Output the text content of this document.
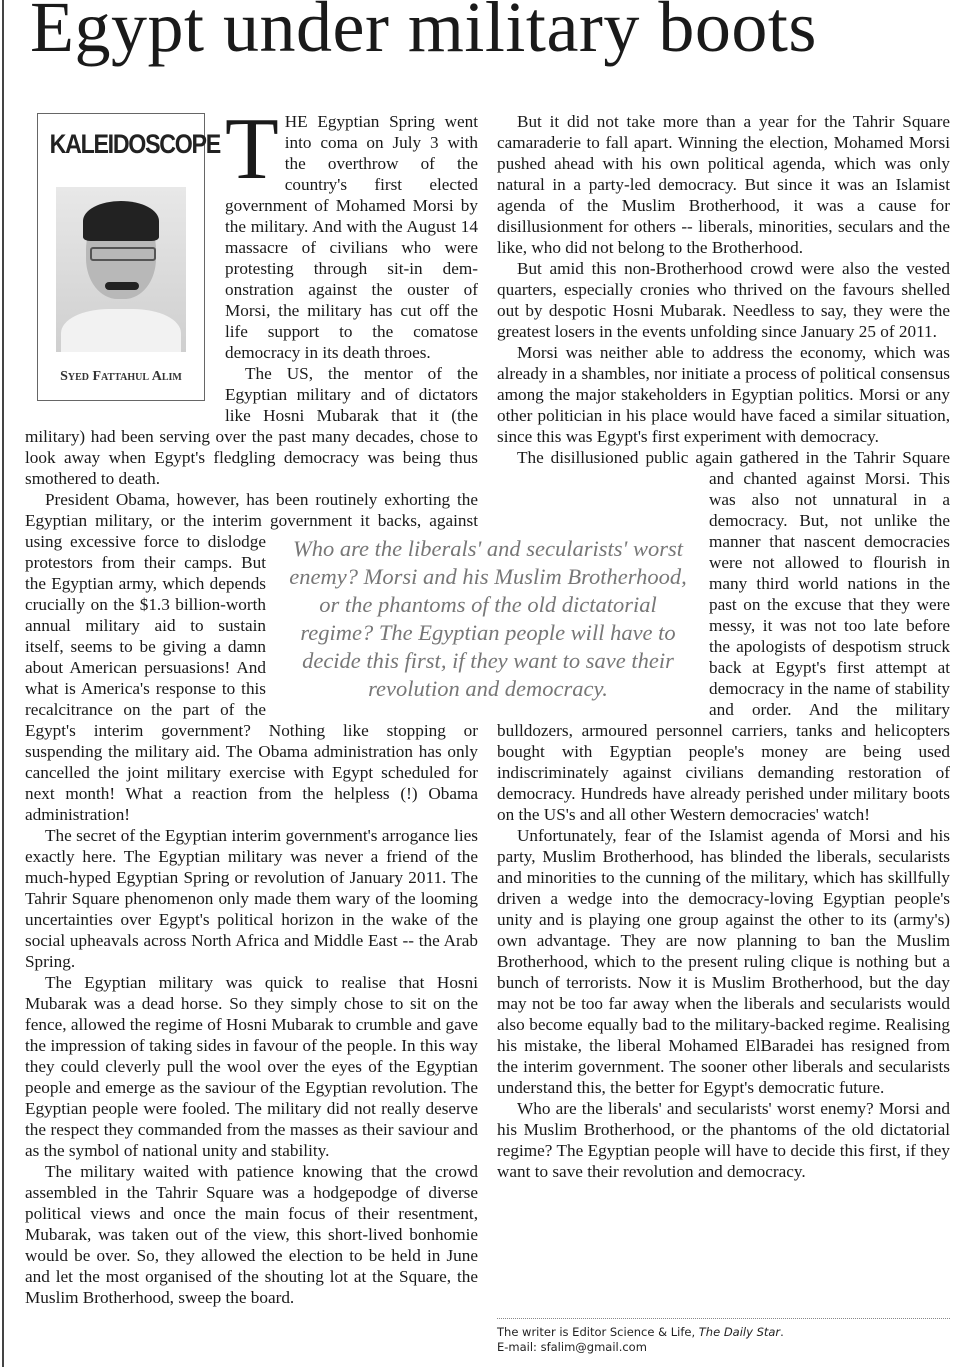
Egypt under military boots
KALEIDOSCOPE
Syed Fattahul Alim

THE Egyptian Spring went into coma on July 3 with the overthrow of the country's first elected government of Mohamed Morsi by the military. And with the August 14 massacre of civilians who were protesting through sit-in demonstration against the ouster of Morsi, the military has cut off the life support to the comatose democracy in its death throes.

The US, the mentor of the Egyptian military and of dictators like Hosni Mubarak that it (the military) had been serving over the past many decades, chose to look away when Egypt's fledgling democracy was being thus smothered to death.

President Obama, however, has been routinely exhorting the Egyptian military, or the interim government it
backs, against using excessive force to dislodge protestors from their camps. But the Egyptian army, which depends crucially on the $1.3 billion-worth annual military aid to sustain itself, seems to be giving a damn about American persuasions! And what is America's response to this recalcitrance on the part of the Egypt's interim government? Nothing like stopping or suspending the military aid. The Obama administration has only cancelled the joint military exercise with Egypt scheduled for next month! What a reaction from the helpless (!) Obama administration!

The secret of the Egyptian interim government's arrogance lies exactly here. The Egyptian military was never a friend of the much-hyped Egyptian Spring or revolution of January 2011. The Tahrir Square phenomenon only made them wary of the looming uncertainties over Egypt's political horizon in the wake of the social upheavals across North Africa and Middle East -- the Arab Spring.

The Egyptian military was quick to realise that Hosni Mubarak was a dead horse. So they simply chose to sit on the fence, allowed the regime of Hosni Mubarak to crumble and gave the impression of taking sides in favour of the people. In this way they could cleverly pull the wool over the eyes of the Egyptian people and emerge as the saviour of the Egyptian revolution. The Egyptian people were fooled. The military did not really deserve the respect they commanded from the masses as their saviour and as the symbol of national unity and stability.

The military waited with patience knowing that the crowd assembled in the Tahrir Square was a hodgepodge of diverse political views and once the main focus of their resentment, Mubarak, was taken out of the view, this short-lived bonhomie would be over. So, they allowed the election to be held in June and let the most organised of the shouting lot at the Square, the Muslim Brotherhood, sweep the board.

But it did not take more than a year for the Tahrir Square camaraderie to fall apart. Winning the election, Mohamed Morsi pushed ahead with his own political agenda, which was only natural in a party-led democracy. But since it was an Islamist agenda of the Muslim Brotherhood, it was a cause for disillusionment for others -- liberals, minorities, seculars and the like, who did not belong to the Brotherhood.

But amid this non-Brotherhood crowd were also the vested quarters, especially cronies who thrived on the favours shelled out by despotic Hosni Mubarak. Needless to say, they were the greatest losers in the events unfolding since January 25 of 2011.

Morsi was neither able to address the economy, which was already in a shambles, nor initiate a process of political consensus among the major stakeholders in Egyptian politics. Morsi or any other politician in his place would have faced a similar situation, since this was Egypt's first experiment with democracy.

The disillusioned public again gathered in the Tahrir
Square and chanted against Morsi. This was also not unnatural in a democracy. But, not unlike the manner that nascent democracies were not allowed to flourish in many third world nations in the past on the excuse that they were messy, it was not too late before the apologists of despotism struck back at Egypt's first attempt at democracy in the name of stability and order. And the military bulldozers, armoured personnel carriers, tanks and helicopters bought with Egyptian people's money are being used indiscriminately against civilians demanding restoration of democracy. Hundreds have already perished under military boots on the US's and all other Western democracies' watch!

Unfortunately, fear of the Islamist agenda of Morsi and his party, Muslim Brotherhood, has blinded the liberals, secularists and minorities to the cunning of the military, which has skillfully driven a wedge into the democracy-loving Egyptian people's unity and is playing one group against the other to its (army's) own advantage. They are now planning to ban the Muslim Brotherhood, which to the present ruling clique is nothing but a bunch of terrorists. Now it is Muslim Brotherhood, but the day may not be too far away when the liberals and secularists would also become equally bad to the military-backed regime. Realising his mistake, the liberal Mohamed ElBaradei has resigned from the interim government. The sooner other liberals and secularists understand this, the better for Egypt's democratic future.

Who are the liberals' and secularists' worst enemy? Morsi and his Muslim Brotherhood, or the phantoms of the old dictatorial regime? The Egyptian people will have to decide this first, if they want to save their revolution and democracy.

Who are the liberals' and secularists' worst enemy? Morsi and his Muslim Brotherhood, or the phantoms of the old dictatorial regime? The Egyptian people will have to decide this first, if they want to save their revolution and democracy.
The writer is Editor Science & Life, The Daily Star.
E-mail: sfalim@gmail.com
